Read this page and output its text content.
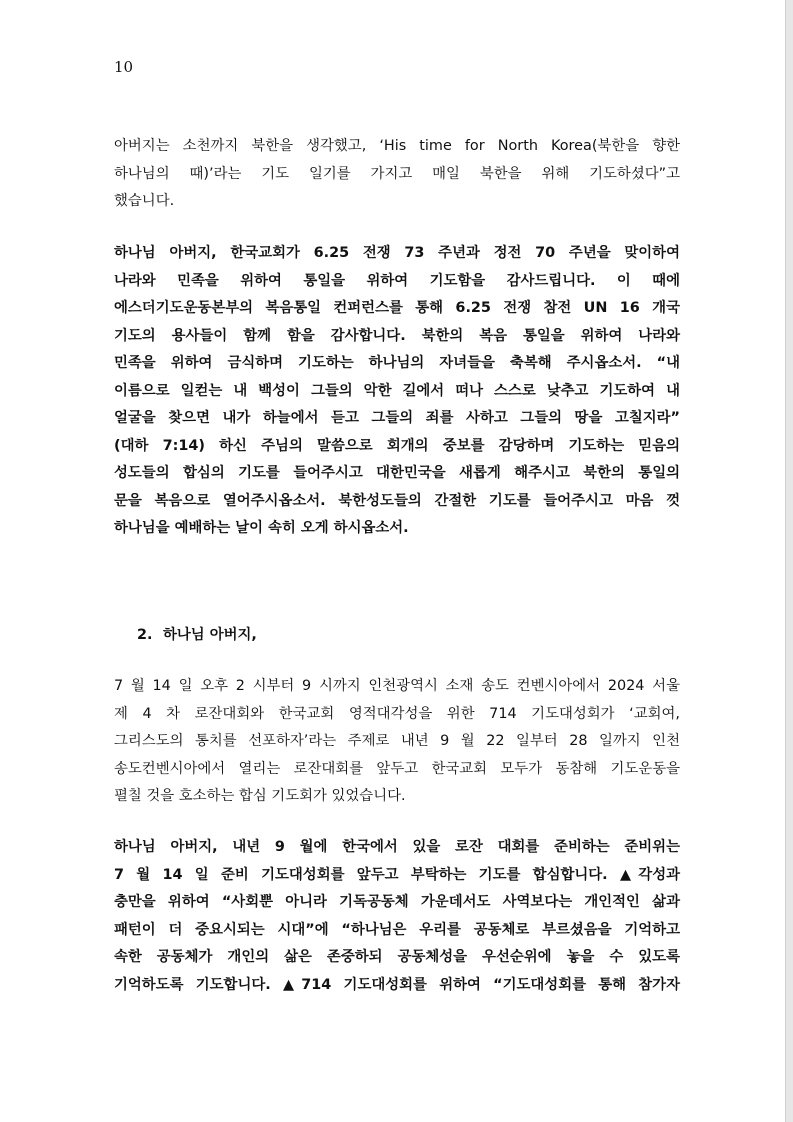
10
아버지는 소천까지 북한을 생각했고, ‘His time for North Korea(북한을 향한
하나님의 때)’라는 기도 일기를 가지고 매일 북한을 위해 기도하셨다”고
했습니다.
하나님 아버지, 한국교회가 6.25 전쟁 73 주년과 정전 70 주년을 맞이하여
나라와 민족을 위하여 통일을 위하여 기도함을 감사드립니다. 이 때에
에스더기도운동본부의 복음통일 컨퍼런스를 통해 6.25 전쟁 참전 UN 16 개국
기도의 용사들이 함께 함을 감사합니다. 북한의 복음 통일을 위하여 나라와
민족을 위하여 금식하며 기도하는 하나님의 자녀들을 축복해 주시옵소서. “내
이름으로 일컫는 내 백성이 그들의 악한 길에서 떠나 스스로 낮추고 기도하여 내
얼굴을 찾으면 내가 하늘에서 듣고 그들의 죄를 사하고 그들의 땅을 고칠지라”
(대하 7:14) 하신 주님의 말씀으로 회개의 중보를 감당하며 기도하는 믿음의
성도들의 합심의 기도를 들어주시고 대한민국을 새롭게 해주시고 북한의 통일의
문을 복음으로 열어주시옵소서. 북한성도들의 간절한 기도를 들어주시고 마음 껏
하나님을 예배하는 날이 속히 오게 하시옵소서.
2. 하나님 아버지,
7 월 14 일 오후 2 시부터 9 시까지 인천광역시 소재 송도 컨벤시아에서 2024 서울
제 4 차 로잔대회와 한국교회 영적대각성을 위한 714 기도대성회가 ‘교회여,
그리스도의 통치를 선포하자’라는 주제로 내년 9 월 22 일부터 28 일까지 인천
송도컨벤시아에서 열리는 로잔대회를 앞두고 한국교회 모두가 동참해 기도운동을
펼칠 것을 호소하는 합심 기도회가 있었습니다.
하나님 아버지, 내년 9 월에 한국에서 있을 로잔 대회를 준비하는 준비위는
7 월 14 일 준비 기도대성회를 앞두고 부탁하는 기도를 합심합니다. ▲각성과
충만을 위하여 “사회뿐 아니라 기독공동체 가운데서도 사역보다는 개인적인 삶과
패턴이 더 중요시되는 시대”에 “하나님은 우리를 공동체로 부르셨음을 기억하고
속한 공동체가 개인의 삶은 존중하되 공동체성을 우선순위에 놓을 수 있도록
기억하도록 기도합니다. ▲714 기도대성회를 위하여 “기도대성회를 통해 참가자
